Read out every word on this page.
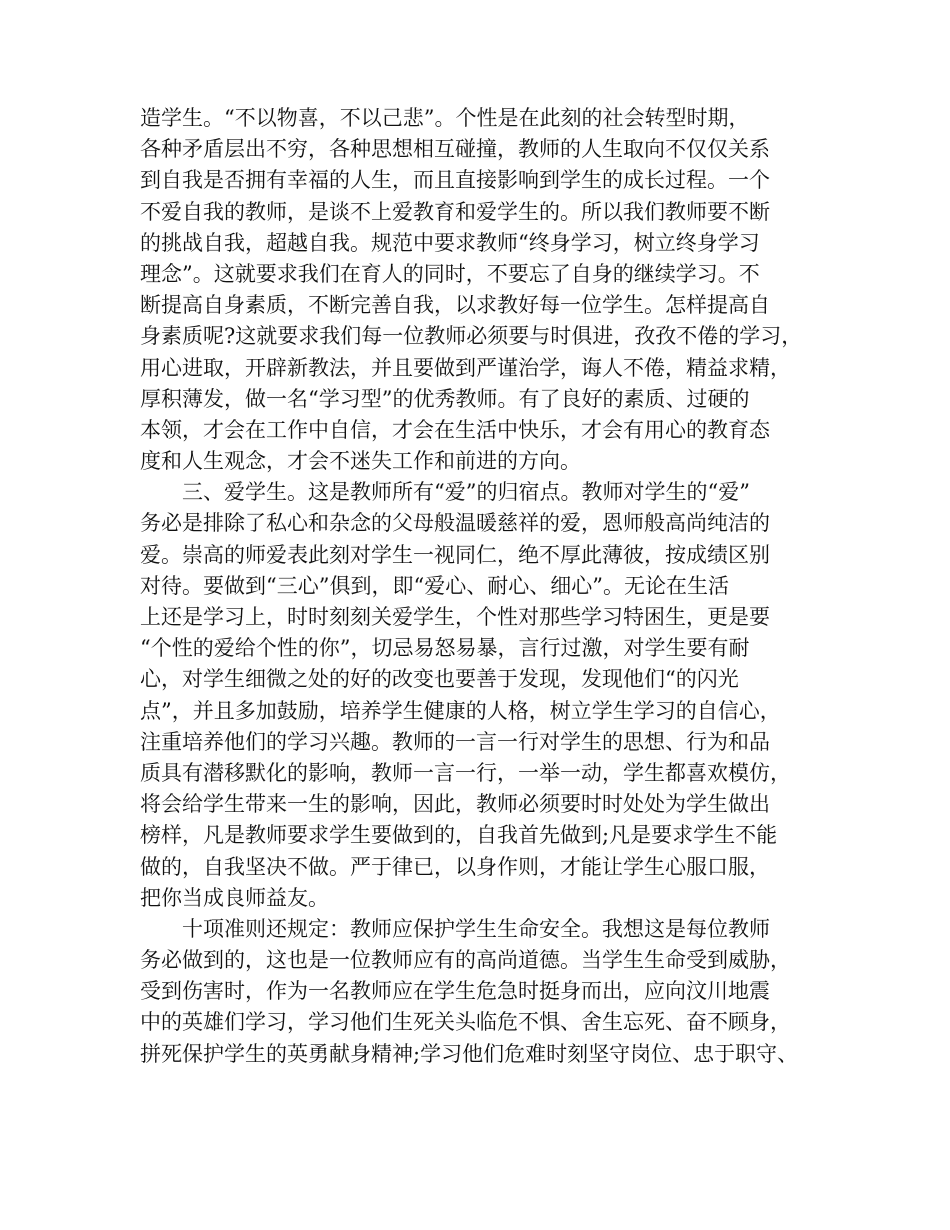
造学生。“不以物喜，不以己悲”。个性是在此刻的社会转型时期，
各种矛盾层出不穷，各种思想相互碰撞，教师的人生取向不仅仅关系
到自我是否拥有幸福的人生，而且直接影响到学生的成长过程。一个
不爱自我的教师，是谈不上爱教育和爱学生的。所以我们教师要不断
的挑战自我，超越自我。规范中要求教师“终身学习，树立终身学习
理念”。这就要求我们在育人的同时，不要忘了自身的继续学习。不
断提高自身素质，不断完善自我，以求教好每一位学生。怎样提高自
身素质呢?这就要求我们每一位教师必须要与时俱进，孜孜不倦的学习，
用心进取，开辟新教法，并且要做到严谨治学，诲人不倦，精益求精，
厚积薄发，做一名“学习型”的优秀教师。有了良好的素质、过硬的
本领，才会在工作中自信，才会在生活中快乐，才会有用心的教育态
度和人生观念，才会不迷失工作和前进的方向。
　　三、爱学生。这是教师所有“爱”的归宿点。教师对学生的“爱”
务必是排除了私心和杂念的父母般温暖慈祥的爱，恩师般高尚纯洁的
爱。崇高的师爱表此刻对学生一视同仁，绝不厚此薄彼，按成绩区别
对待。要做到“三心”俱到，即“爱心、耐心、细心”。无论在生活
上还是学习上，时时刻刻关爱学生，个性对那些学习特困生，更是要
“个性的爱给个性的你”，切忌易怒易暴，言行过激，对学生要有耐
心，对学生细微之处的好的改变也要善于发现，发现他们“的闪光
点”，并且多加鼓励，培养学生健康的人格，树立学生学习的自信心，
注重培养他们的学习兴趣。教师的一言一行对学生的思想、行为和品
质具有潜移默化的影响，教师一言一行，一举一动，学生都喜欢模仿，
将会给学生带来一生的影响，因此，教师必须要时时处处为学生做出
榜样，凡是教师要求学生要做到的，自我首先做到;凡是要求学生不能
做的，自我坚决不做。严于律已，以身作则，才能让学生心服口服，
把你当成良师益友。
　　十项准则还规定：教师应保护学生生命安全。我想这是每位教师
务必做到的，这也是一位教师应有的高尚道德。当学生生命受到威胁，
受到伤害时，作为一名教师应在学生危急时挺身而出，应向汶川地震
中的英雄们学习，学习他们生死关头临危不惧、舍生忘死、奋不顾身，
拼死保护学生的英勇献身精神;学习他们危难时刻坚守岗位、忠于职守、
